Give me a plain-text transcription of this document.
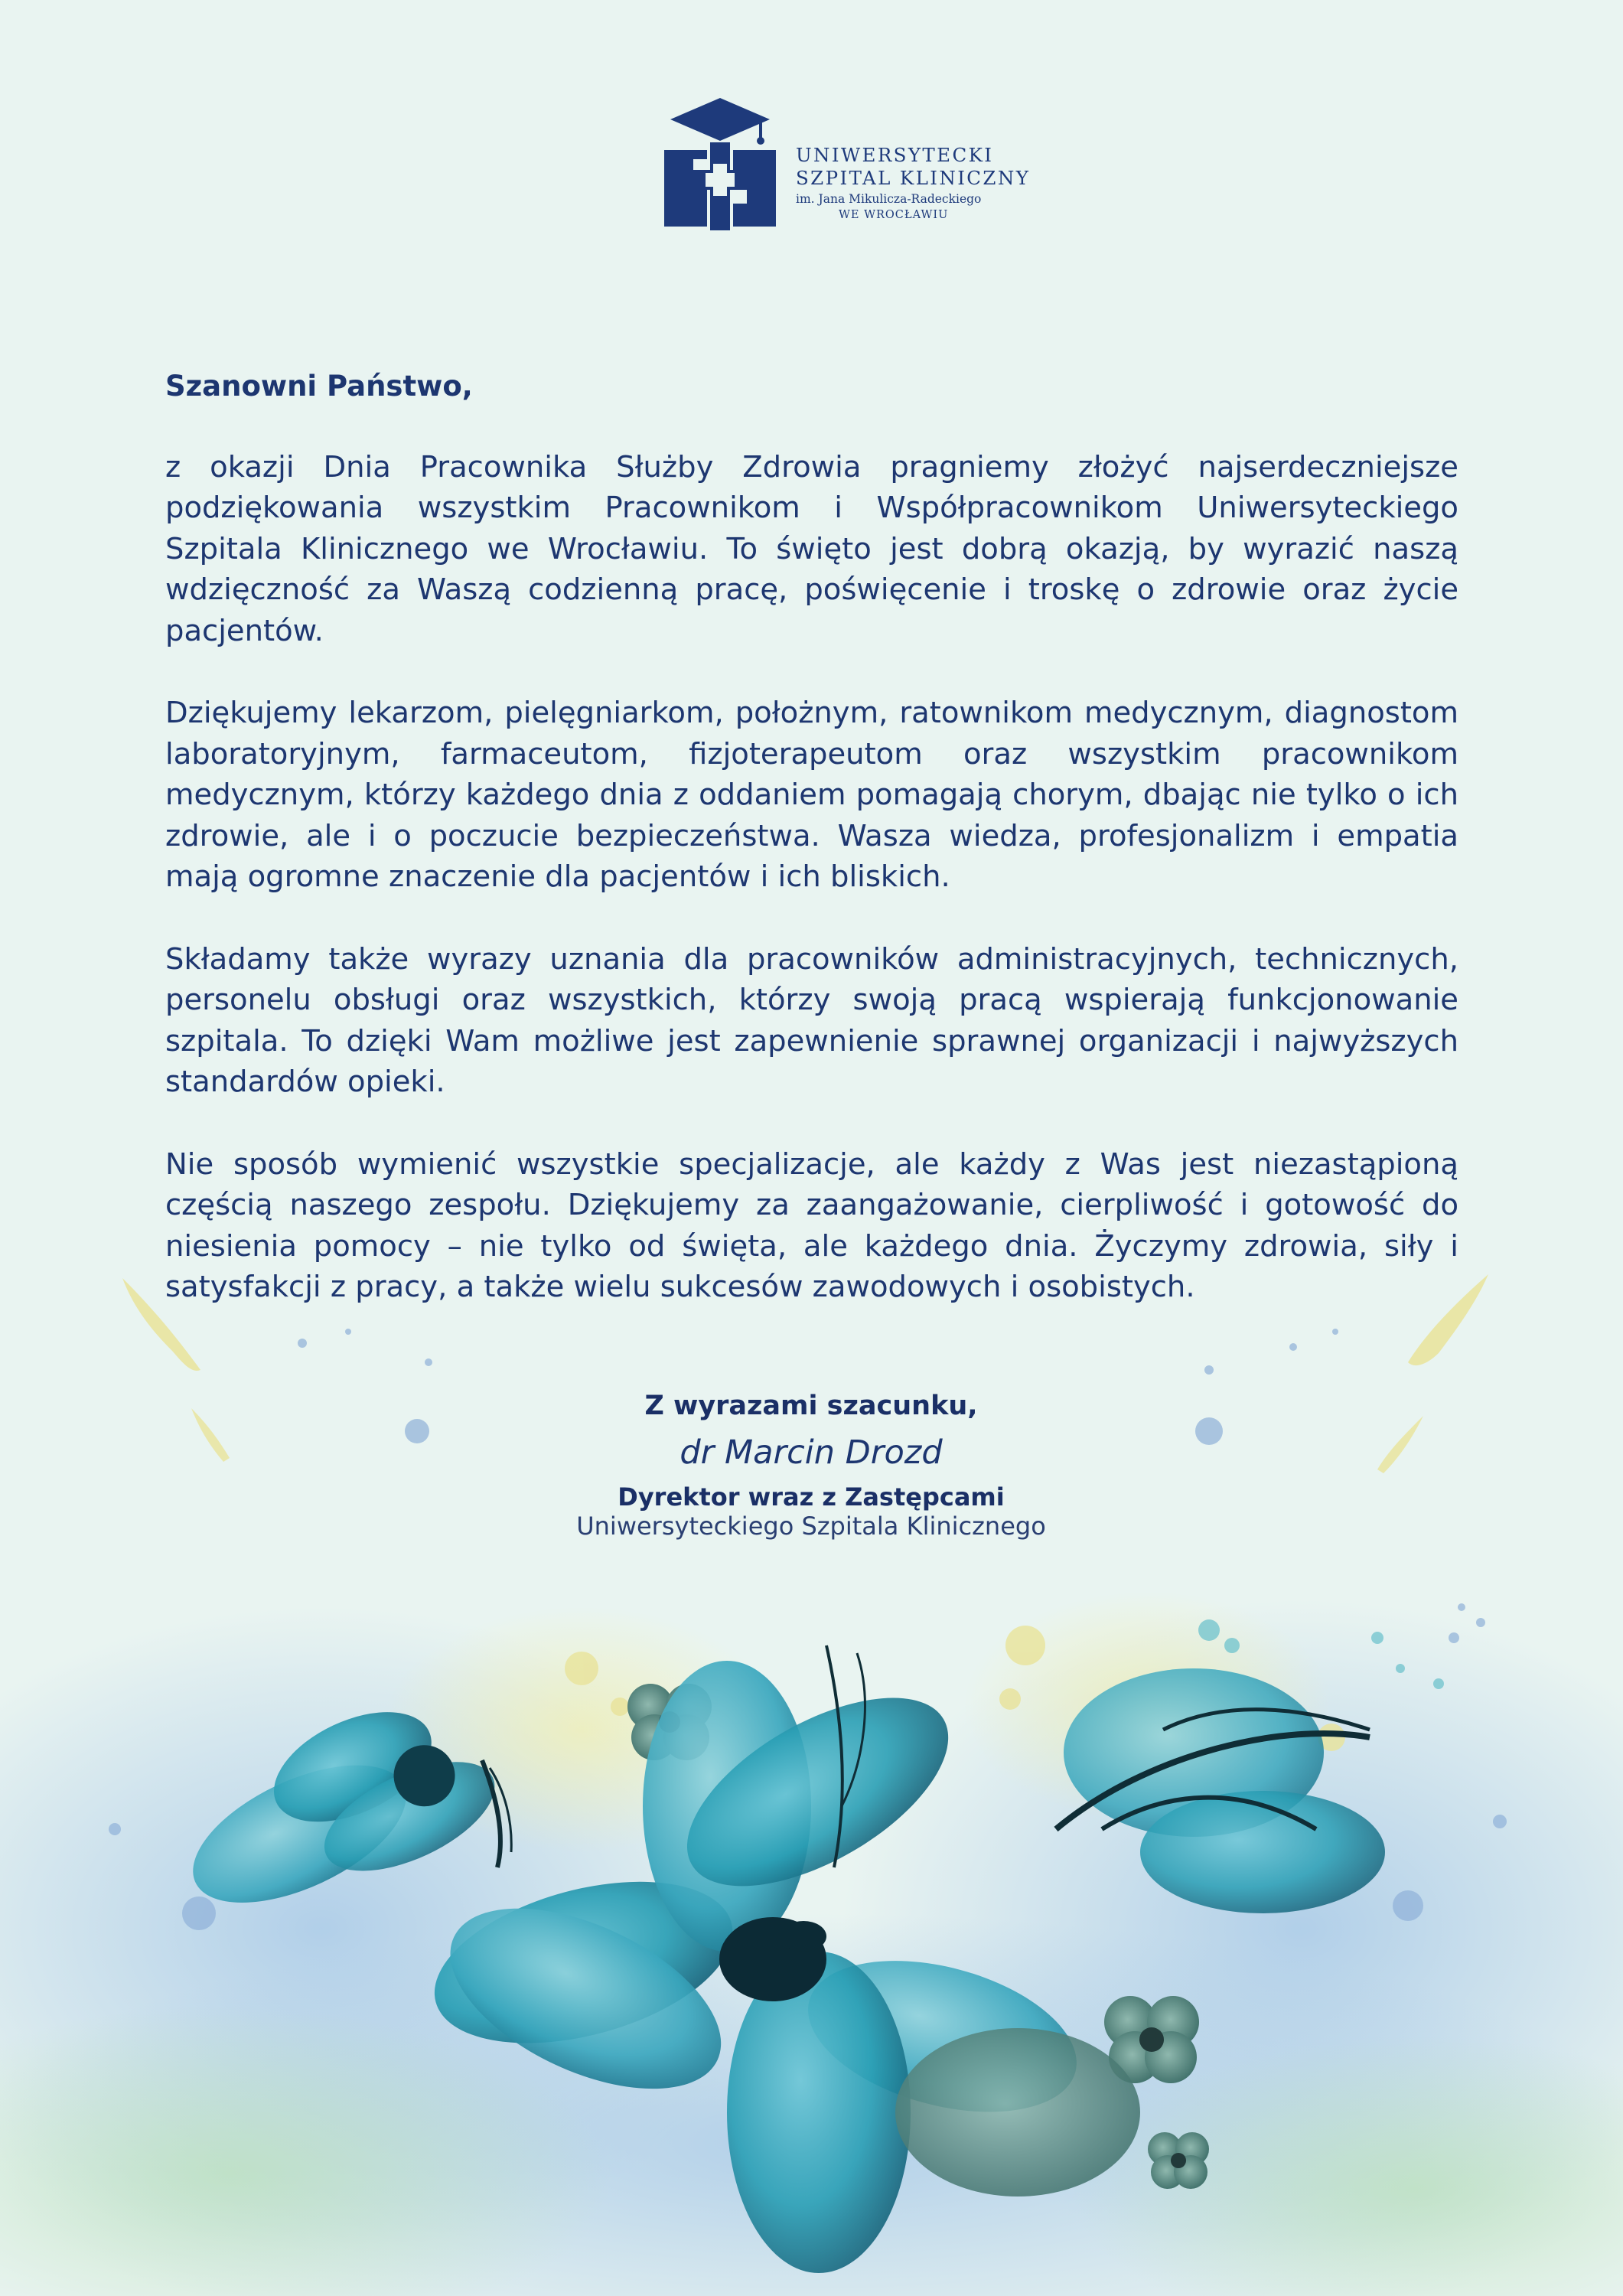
UNIWERSYTECKI
SZPITAL KLINICZNY
im. Jana Mikulicza-Radeckiego
WE WROCŁAWIU

Szanowni Państwo,

z okazji Dnia Pracownika Służby Zdrowia pragniemy złożyć najserdeczniejsze podziękowania wszystkim Pracownikom i Współpracownikom Uniwersyteckiego Szpitala Klinicznego we Wrocławiu. To święto jest dobrą okazją, by wyrazić naszą wdzięczność za Waszą codzienną pracę, poświęcenie i troskę o zdrowie oraz życie pacjentów.

Dziękujemy lekarzom, pielęgniarkom, położnym, ratownikom medycznym, diagnostom laboratoryjnym, farmaceutom, fizjoterapeutom oraz wszystkim pracownikom medycznym, którzy każdego dnia z oddaniem pomagają chorym, dbając nie tylko o ich zdrowie, ale i o poczucie bezpieczeństwa. Wasza wiedza, profesjonalizm i empatia mają ogromne znaczenie dla pacjentów i ich bliskich.

Składamy także wyrazy uznania dla pracowników administracyjnych, technicznych, personelu obsługi oraz wszystkich, którzy swoją pracą wspierają funkcjonowanie szpitala. To dzięki Wam możliwe jest zapewnienie sprawnej organizacji i najwyższych standardów opieki.

Nie sposób wymienić wszystkie specjalizacje, ale każdy z Was jest niezastąpioną częścią naszego zespołu. Dziękujemy za zaangażowanie, cierpliwość i gotowość do niesienia pomocy – nie tylko od święta, ale każdego dnia. Życzymy zdrowia, siły i satysfakcji z pracy, a także wielu sukcesów zawodowych i osobistych.

Z wyrazami szacunku,
dr Marcin Drozd
Dyrektor wraz z Zastępcami
Uniwersyteckiego Szpitala Klinicznego
